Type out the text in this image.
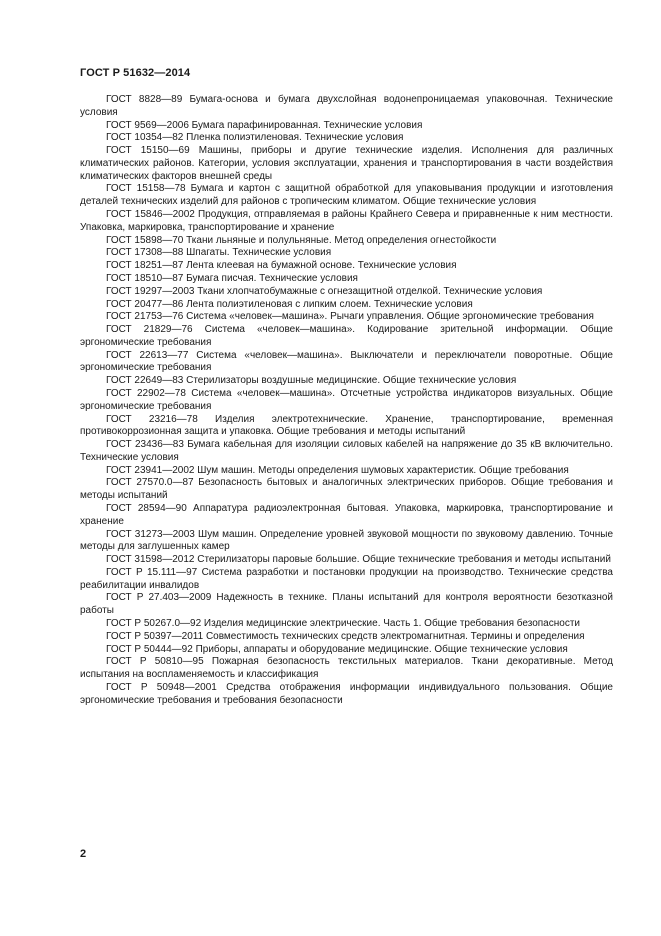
ГОСТ Р 51632—2014

ГОСТ 8828—89 Бумага-основа и бумага двухслойная водонепроницаемая упаковочная. Технические условия

ГОСТ 9569—2006 Бумага парафинированная. Технические условия

ГОСТ 10354—82 Пленка полиэтиленовая. Технические условия

ГОСТ 15150—69 Машины, приборы и другие технические изделия. Исполнения для различных климатических районов. Категории, условия эксплуатации, хранения и транспортирования в части воздействия климатических факторов внешней среды

ГОСТ 15158—78 Бумага и картон с защитной обработкой для упаковывания продукции и изготовления деталей технических изделий для районов с тропическим климатом. Общие технические условия

ГОСТ 15846—2002 Продукция, отправляемая в районы Крайнего Севера и приравненные к ним местности. Упаковка, маркировка, транспортирование и хранение

ГОСТ 15898—70 Ткани льняные и полульняные. Метод определения огнестойкости

ГОСТ 17308—88 Шпагаты. Технические условия

ГОСТ 18251—87 Лента клеевая на бумажной основе. Технические условия

ГОСТ 18510—87 Бумага писчая. Технические условия

ГОСТ 19297—2003 Ткани хлопчатобумажные с огнезащитной отделкой. Технические условия

ГОСТ 20477—86 Лента полиэтиленовая с липким слоем. Технические условия

ГОСТ 21753—76 Система «человек—машина». Рычаги управления. Общие эргономические требования

ГОСТ 21829—76 Система «человек—машина». Кодирование зрительной информации. Общие эргономические требования

ГОСТ 22613—77 Система «человек—машина». Выключатели и переключатели поворотные. Общие эргономические требования

ГОСТ 22649—83 Стерилизаторы воздушные медицинские. Общие технические условия

ГОСТ 22902—78 Система «человек—машина». Отсчетные устройства индикаторов визуальных. Общие эргономические требования

ГОСТ 23216—78 Изделия электротехнические. Хранение, транспортирование, временная противокоррозионная защита и упаковка. Общие требования и методы испытаний

ГОСТ 23436—83 Бумага кабельная для изоляции силовых кабелей на напряжение до 35 кВ включительно. Технические условия

ГОСТ 23941—2002 Шум машин. Методы определения шумовых характеристик. Общие требования

ГОСТ 27570.0—87 Безопасность бытовых и аналогичных электрических приборов. Общие требования и методы испытаний

ГОСТ 28594—90 Аппаратура радиоэлектронная бытовая. Упаковка, маркировка, транспортирование и хранение

ГОСТ 31273—2003 Шум машин. Определение уровней звуковой мощности по звуковому давлению. Точные методы для заглушенных камер

ГОСТ 31598—2012 Стерилизаторы паровые большие. Общие технические требования и методы испытаний

ГОСТ Р 15.111—97 Система разработки и постановки продукции на производство. Технические средства реабилитации инвалидов

ГОСТ Р 27.403—2009 Надежность в технике. Планы испытаний для контроля вероятности безотказной работы

ГОСТ Р 50267.0—92 Изделия медицинские электрические. Часть 1. Общие требования безопасности

ГОСТ Р 50397—2011 Совместимость технических средств электромагнитная. Термины и определения

ГОСТ Р 50444—92 Приборы, аппараты и оборудование медицинские. Общие технические условия

ГОСТ Р 50810—95 Пожарная безопасность текстильных материалов. Ткани декоративные. Метод испытания на воспламеняемость и классификация

ГОСТ Р 50948—2001 Средства отображения информации индивидуального пользования. Общие эргономические требования и требования безопасности

2
